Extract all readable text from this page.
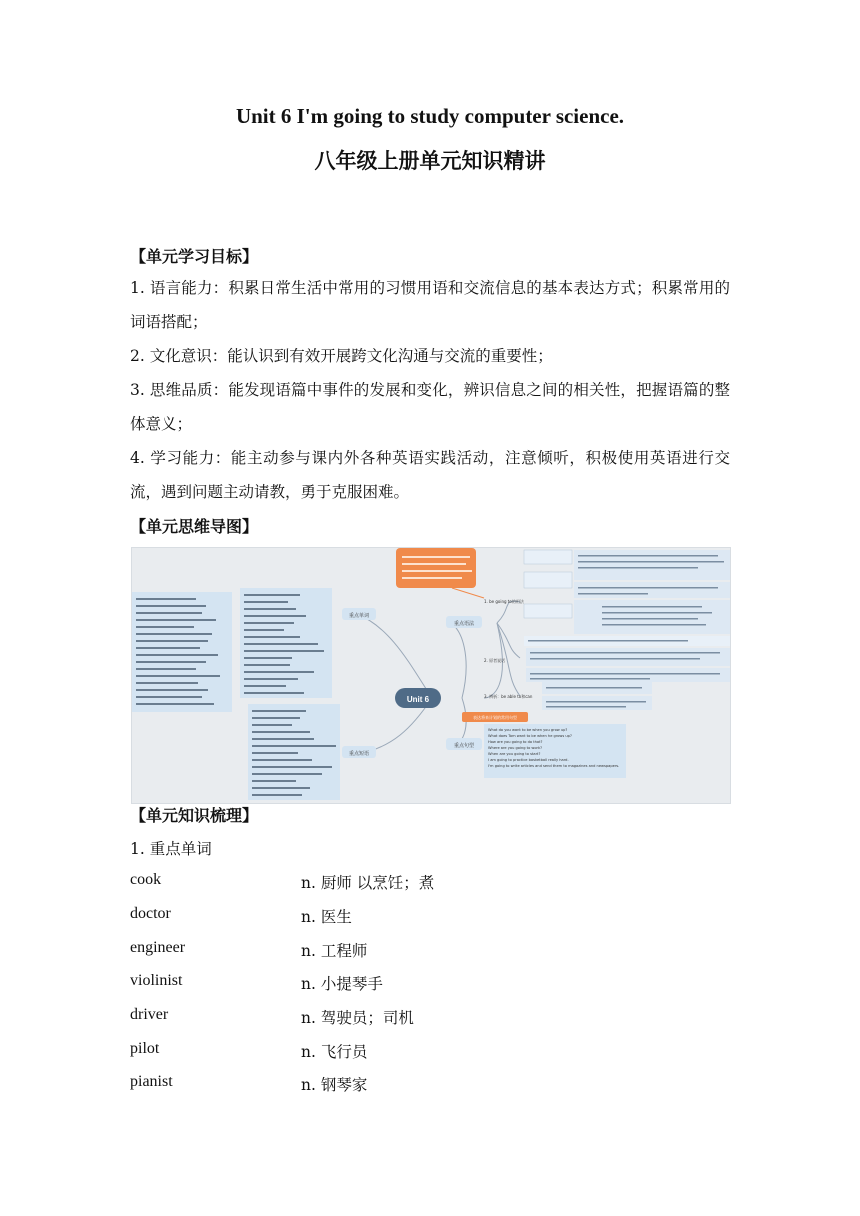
Unit 6 I'm going to study computer science.
八年级上册单元知识精讲
【单元学习目标】
1. 语言能力：积累日常生活中常用的习惯用语和交流信息的基本表达方式；积累常用的词语搭配；
2. 文化意识：能认识到有效开展跨文化沟通与交流的重要性；
3. 思维品质：能发现语篇中事件的发展和变化，辨识信息之间的相关性，把握语篇的整体意义；
4. 学习能力：能主动参与课内外各种英语实践活动，注意倾听，积极使用英语进行交流，遇到问题主动请教，勇于克服困难。
【单元思维导图】
重点单词
重点短语
重点语法
重点句型
Unit 6
1. be going to的用法
2. 原者说话
3. 辨析：be able to和can
表达将来计划的常用句型
What do you want to be when you grow up?
What does Tom want to be when he grows up?
How are you going to do that?
Where are you going to work?
When are you going to start?
I am going to practice basketball really hard.
I'm going to write articles and send them to magazines and newspapers.
【单元知识梳理】
1. 重点单词
cook	n. 厨师 以烹饪；煮
doctor	n. 医生
engineer	n. 工程师
violinist	n. 小提琴手
driver	n. 驾驶员；司机
pilot	n. 飞行员
pianist	n. 钢琴家
